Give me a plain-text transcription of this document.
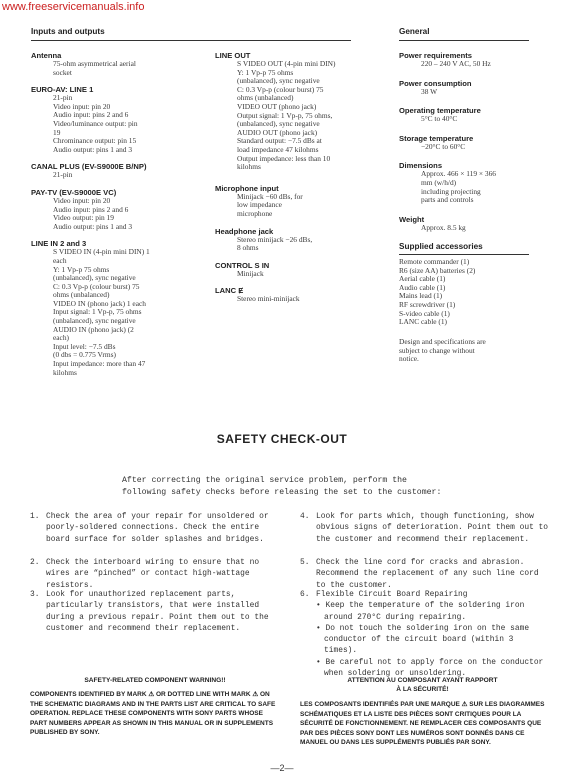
www.freeservicemanuals.info
Inputs and outputs	General
Antenna
75-ohm asymmetrical aerial
socket
EURO-AV: LINE 1
21-pin
Video input: pin 20
Audio input: pins 2 and 6
Video/luminance output: pin
19
Chrominance output: pin 15
Audio output: pins 1 and 3
CANAL PLUS (EV-S9000E B/NP)
21-pin
PAY-TV (EV-S9000E VC)
Video input: pin 20
Audio input: pins 2 and 6
Video output: pin 19
Audio output: pins 1 and 3
LINE IN 2 and 3
S VIDEO IN (4-pin mini DIN) 1
each
Y: 1 Vp-p 75 ohms
(unbalanced), sync negative
C: 0.3 Vp-p (colour burst) 75
ohms (unbalanced)
VIDEO IN (phono jack) 1 each
Input signal: 1 Vp-p, 75 ohms
(unbalanced), sync negative
AUDIO IN (phono jack) (2
each)
Input level: −7.5 dBs
(0 dbs = 0.775 Vrms)
Input impedance: more than 47
kilohms
LINE OUT
S VIDEO OUT (4-pin mini DIN)
Y: 1 Vp-p 75 ohms
(unbalanced), sync negative
C: 0.3 Vp-p (colour burst) 75
ohms (unbalanced)
VIDEO OUT (phono jack)
Output signal: 1 Vp-p, 75 ohms,
(unbalanced), sync negative
AUDIO OUT (phono jack)
Standard output: −7.5 dBs at
load impedance 47 kilohms
Output impedance: less than 10
kilohms
Microphone input
Minijack −60 dBs, for
low impedance
microphone
Headphone jack
Stereo minijack −26 dBs,
8 ohms
CONTROL S IN
Minijack
LANC Ɇ
Stereo mini-minijack
Power requirements
220 – 240 V AC, 50 Hz
Power consumption
38 W
Operating temperature
5°C to 40°C
Storage temperature
−20°C to 60°C
Dimensions
Approx. 466 × 119 × 366
mm (w/h/d)
including projecting
parts and controls
Weight
Approx. 8.5 kg
Supplied accessories
Remote commander (1)
R6 (size AA) batteries (2)
Aerial cable (1)
Audio cable (1)
Mains lead (1)
RF screwdriver (1)
S-video cable (1)
LANC cable (1)
Design and specifications are
subject to change without
notice.
SAFETY CHECK-OUT
After correcting the original service problem, perform the following safety checks before releasing the set to the customer:
1. Check the area of your repair for unsoldered or poorly-soldered connections. Check the entire board surface for solder splashes and bridges.
2. Check the interboard wiring to ensure that no wires are “pinched” or contact high-wattage resistors.
3. Look for unauthorized replacement parts, particularly transistors, that were installed during a previous repair. Point them out to the customer and recommend their replacement.
4. Look for parts which, though functioning, show obvious signs of deterioration. Point them out to the customer and recommend their replacement.
5. Check the line cord for cracks and abrasion. Recommend the replacement of any such line cord to the customer.
6. Flexible Circuit Board Repairing
• Keep the temperature of the soldering iron around 270°C during repairing.
• Do not touch the soldering iron on the same conductor of the circuit board (within 3 times).
• Be careful not to apply force on the conductor when soldering or unsoldering.
SAFETY-RELATED COMPONENT WARNING!!
COMPONENTS IDENTIFIED BY MARK ⚠ OR DOTTED LINE WITH MARK ⚠ ON THE SCHEMATIC DIAGRAMS AND IN THE PARTS LIST ARE CRITICAL TO SAFE OPERATION. REPLACE THESE COMPONENTS WITH SONY PARTS WHOSE PART NUMBERS APPEAR AS SHOWN IN THIS MANUAL OR IN SUPPLEMENTS PUBLISHED BY SONY.
ATTENTION AU COMPOSANT AYANT RAPPORT
À LA SÉCURITÉ!
LES COMPOSANTS IDENTIFIÉS PAR UNE MARQUE ⚠ SUR LES DIAGRAMMES SCHÉMATIQUES ET LA LISTE DES PIÈCES SONT CRITIQUES POUR LA SÉCURITÉ DE FONCTIONNEMENT. NE REMPLACER CES COMPOSANTS QUE PAR DES PIÈCES SONY DONT LES NUMÉROS SONT DONNÉS DANS CE MANUEL OU DANS LES SUPPLÉMENTS PUBLIÉS PAR SONY.
—2—
